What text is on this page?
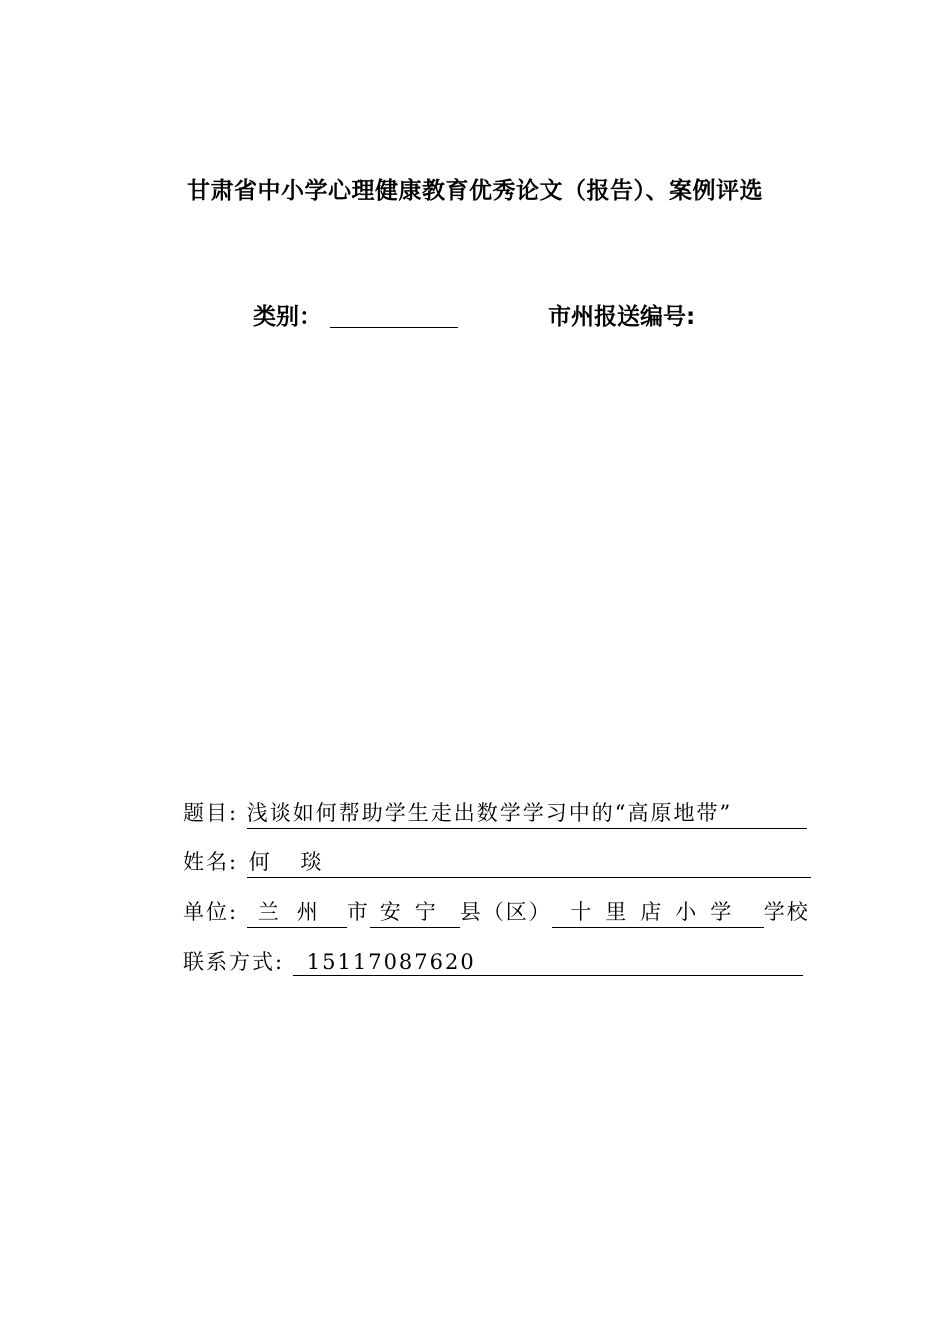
甘肃省中小学心理健康教育优秀论文（报告）、案例评选
类别：	市州报送编号:
题目: 浅谈如何帮助学生走出数学学习中的“高原地带”
姓名: 何 琰
单位: 兰州 市 安宁 县（区） 十里店小学 学校
联系方式: 15117087620
